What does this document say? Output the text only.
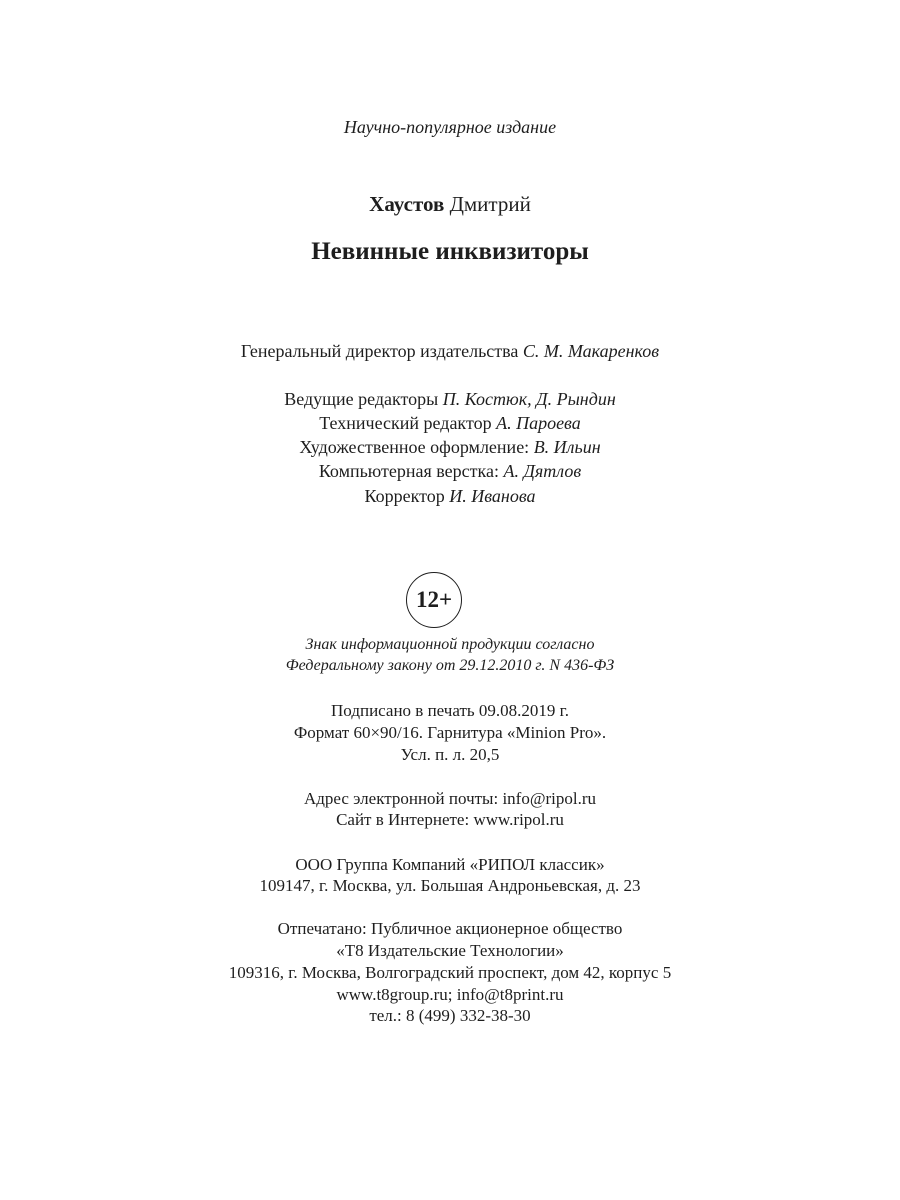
Научно-популярное издание

Хаустов Дмитрий

Невинные инквизиторы

Генеральный директор издательства С. М. Макаренков

Ведущие редакторы П. Костюк, Д. Рындин

Технический редактор А. Пароева

Художественное оформление: В. Ильин

Компьютерная верстка: А. Дятлов

Корректор И. Иванова

12+

Знак информационной продукции согласно

Федеральному закону от 29.12.2010 г. N 436-ФЗ

Подписано в печать 09.08.2019 г.

Формат 60×90/16. Гарнитура «Minion Pro».

Усл. п. л. 20,5

Адрес электронной почты: info@ripol.ru

Сайт в Интернете: www.ripol.ru

ООО Группа Компаний «РИПОЛ классик»

109147, г. Москва, ул. Большая Андроньевская, д. 23

Отпечатано: Публичное акционерное общество

«Т8 Издательские Технологии»

109316, г. Москва, Волгоградский проспект, дом 42, корпус 5

www.t8group.ru; info@t8print.ru

тел.: 8 (499) 332-38-30
